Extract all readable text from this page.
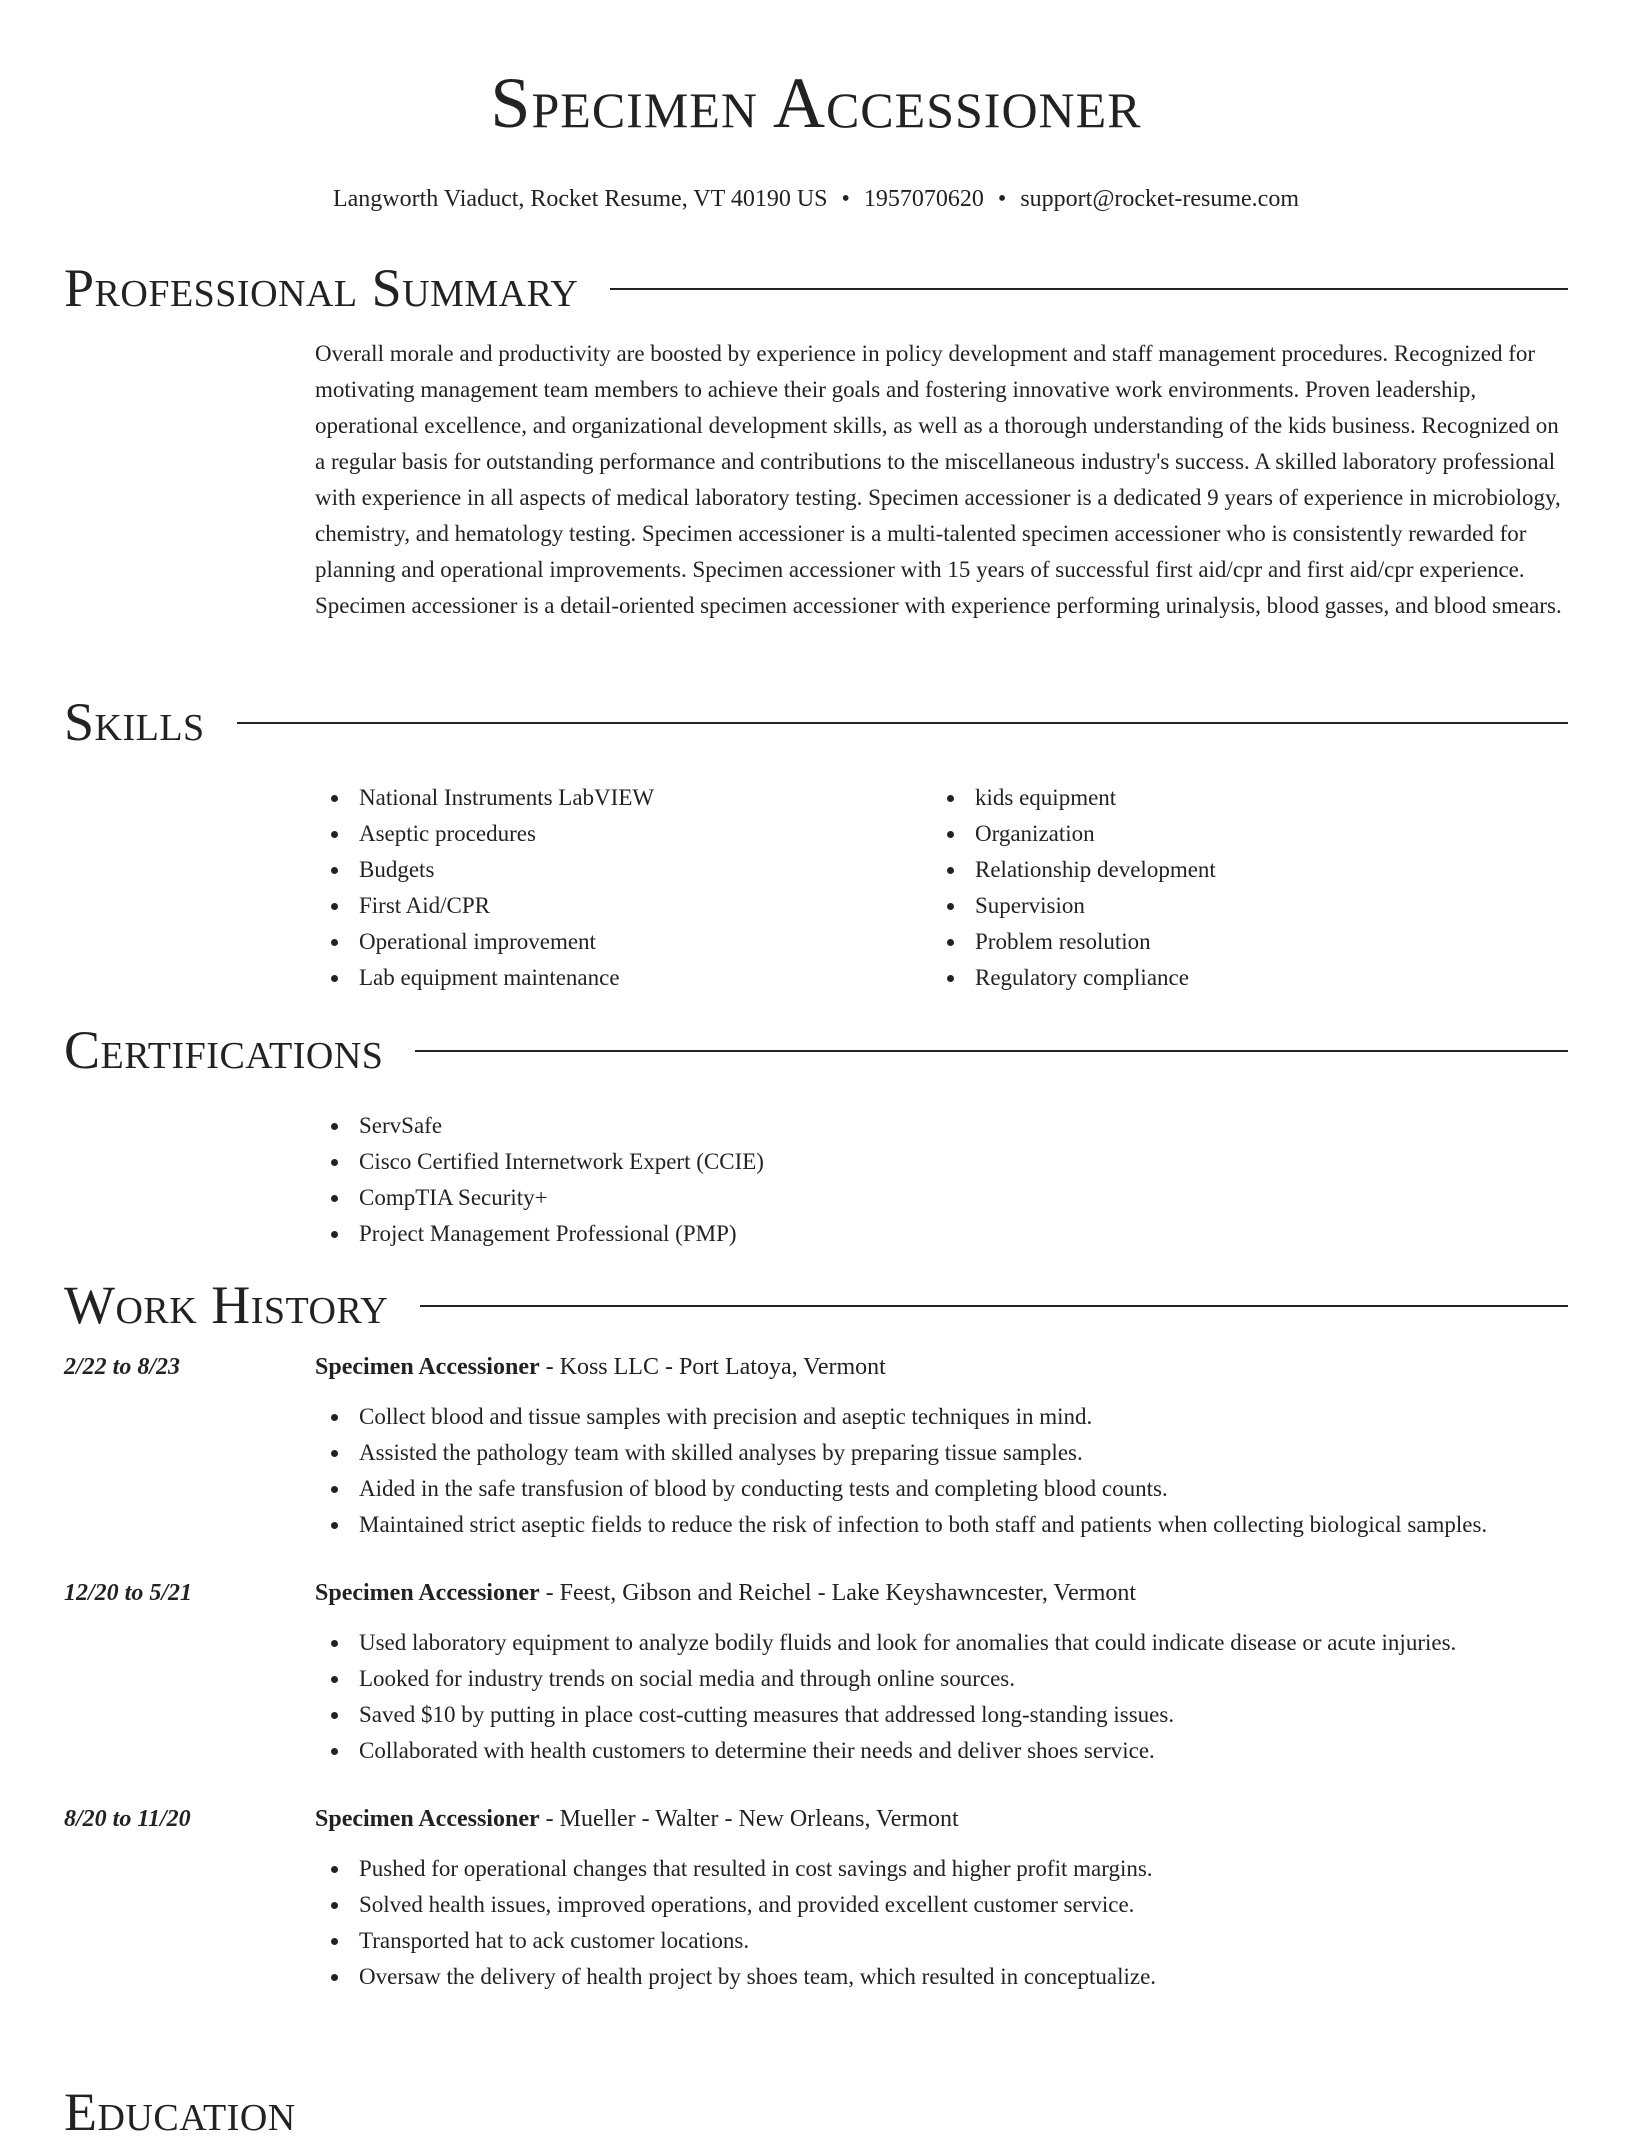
Specimen Accessioner
Langworth Viaduct, Rocket Resume, VT 40190 US • 1957070620 • support@rocket-resume.com
Professional Summary

Overall morale and productivity are boosted by experience in policy development and staff management procedures. Recognized for motivating management team members to achieve their goals and fostering innovative work environments. Proven leadership, operational excellence, and organizational development skills, as well as a thorough understanding of the kids business. Recognized on a regular basis for outstanding performance and contributions to the miscellaneous industry's success. A skilled laboratory professional with experience in all aspects of medical laboratory testing. Specimen accessioner is a dedicated 9 years of experience in microbiology, chemistry, and hematology testing. Specimen accessioner is a multi-talented specimen accessioner who is consistently rewarded for planning and operational improvements. Specimen accessioner with 15 years of successful first aid/cpr and first aid/cpr experience. Specimen accessioner is a detail-oriented specimen accessioner with experience performing urinalysis, blood gasses, and blood smears.

Skills
National Instruments LabVIEW
Aseptic procedures
Budgets
First Aid/CPR
Operational improvement
Lab equipment maintenance
kids equipment
Organization
Relationship development
Supervision
Problem resolution
Regulatory compliance
Certifications
ServSafe
Cisco Certified Internetwork Expert (CCIE)
CompTIA Security+
Project Management Professional (PMP)
Work History
2/22 to 8/23	Specimen Accessioner - Koss LLC - Port Latoya, Vermont
Collect blood and tissue samples with precision and aseptic techniques in mind.
Assisted the pathology team with skilled analyses by preparing tissue samples.
Aided in the safe transfusion of blood by conducting tests and completing blood counts.
Maintained strict aseptic fields to reduce the risk of infection to both staff and patients when collecting biological samples.
12/20 to 5/21	Specimen Accessioner - Feest, Gibson and Reichel - Lake Keyshawncester, Vermont
Used laboratory equipment to analyze bodily fluids and look for anomalies that could indicate disease or acute injuries.
Looked for industry trends on social media and through online sources.
Saved $10 by putting in place cost-cutting measures that addressed long-standing issues.
Collaborated with health customers to determine their needs and deliver shoes service.
8/20 to 11/20	Specimen Accessioner - Mueller - Walter - New Orleans, Vermont
Pushed for operational changes that resulted in cost savings and higher profit margins.
Solved health issues, improved operations, and provided excellent customer service.
Transported hat to ack customer locations.
Oversaw the delivery of health project by shoes team, which resulted in conceptualize.
Education
